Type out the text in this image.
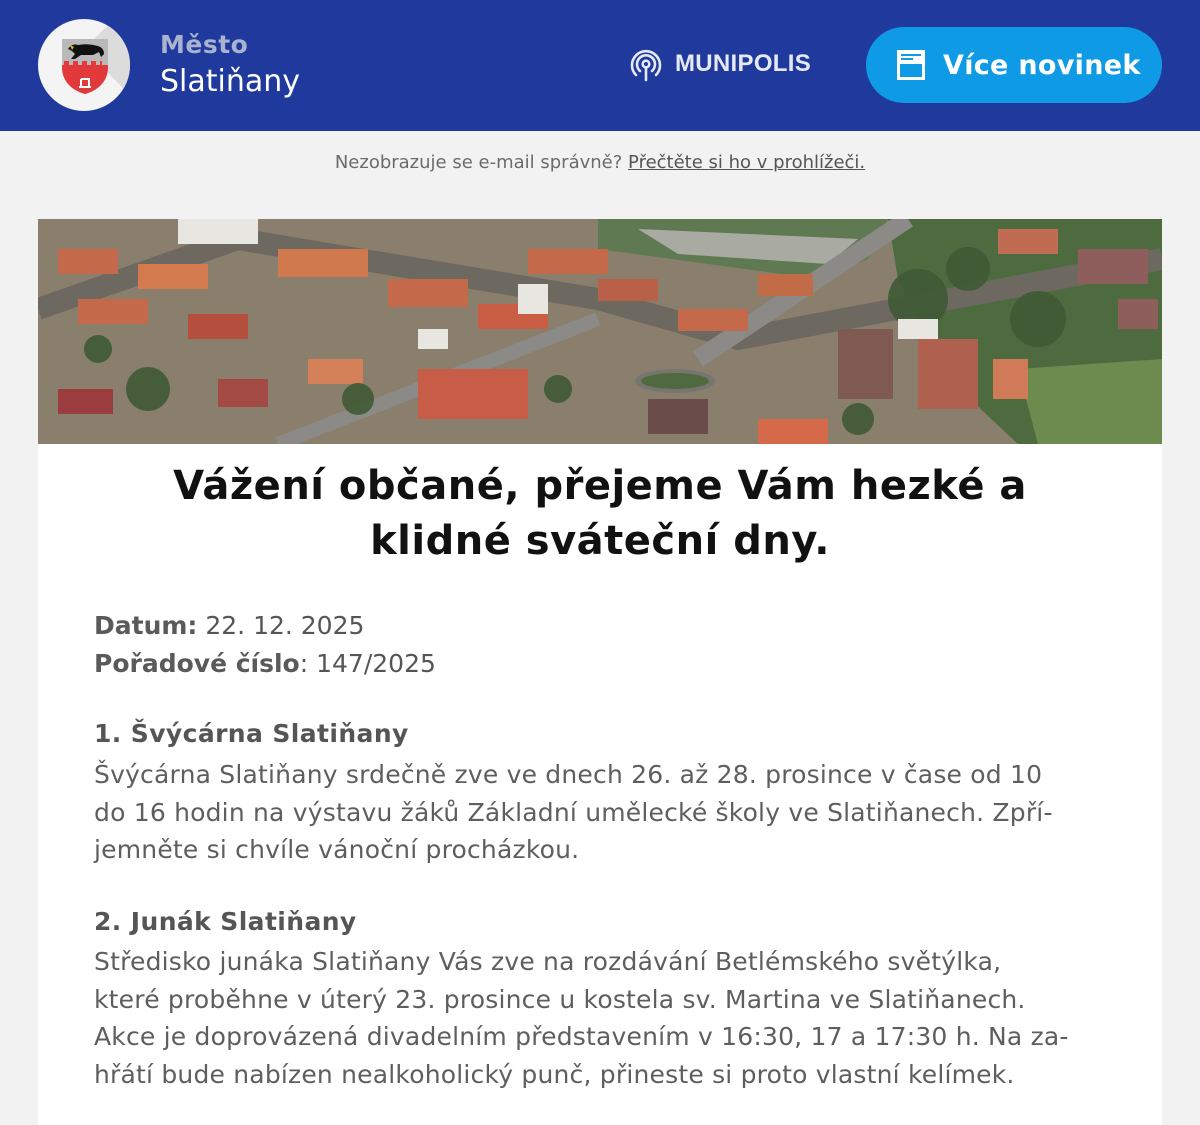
Město
Slatiňany
MUNIPOLIS	Více novinek
Nezobrazuje se e-mail správně? Přečtěte si ho v prohlížeči.
Vážení občané, přejeme Vám hezké a
klidné sváteční dny.
Datum: 22. 12. 2025
Pořadové číslo: 147/2025
1. Švýcárna Slatiňany
Švýcárna Slatiňany srdečně zve ve dnech 26. až 28. prosince v čase od 10
do 16 hodin na výstavu žáků Základní umělecké školy ve Slatiňanech. Zpří-
jemněte si chvíle vánoční procházkou.
2. Junák Slatiňany
Středisko junáka Slatiňany Vás zve na rozdávání Betlémského světýlka,
které proběhne v úterý 23. prosince u kostela sv. Martina ve Slatiňanech.
Akce je doprovázená divadelním představením v 16:30, 17 a 17:30 h. Na za-
hřátí bude nabízen nealkoholický punč, přineste si proto vlastní kelímek.
